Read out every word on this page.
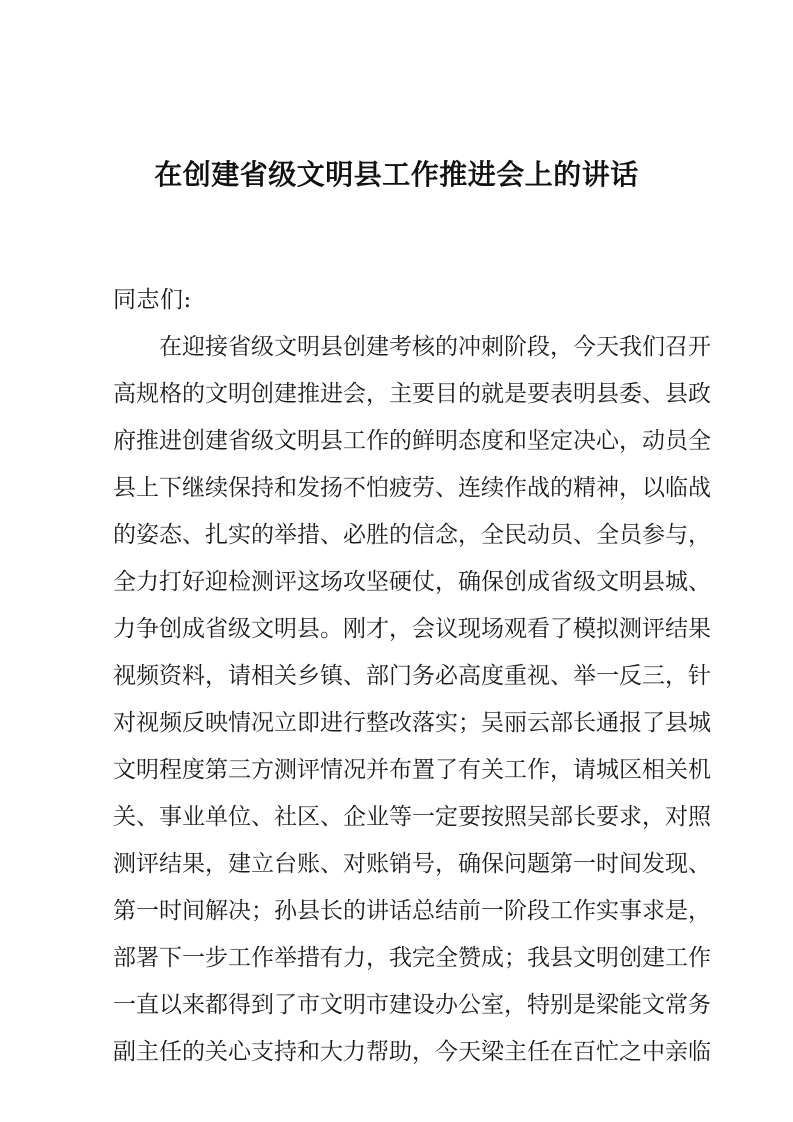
在创建省级文明县工作推进会上的讲话

同志们:

在 迎 接 省 级 文 明 县 创 建 考 核 的 冲 刺 阶 段 ， 今 天 我 们 召 开
高 规 格 的 文 明 创 建 推 进 会 ， 主 要 目 的 就 是 要 表 明 县 委 、 县 政
府 推 进 创 建 省 级 文 明 县 工 作 的 鲜 明 态 度 和 坚 定 决 心 ， 动 员 全
县 上 下 继 续 保 持 和 发 扬 不 怕 疲 劳 、 连 续 作 战 的 精 神 ， 以 临 战
的 姿 态 、 扎 实 的 举 措 、 必 胜 的 信 念 ， 全 民 动 员 、 全 员 参 与 ，
全 力 打 好 迎 检 测 评 这 场 攻 坚 硬 仗 ， 确 保 创 成 省 级 文 明 县 城 、
力 争 创 成 省 级 文 明 县 。 刚 才 ， 会 议 现 场 观 看 了 模 拟 测 评 结 果
视 频 资 料 ， 请 相 关 乡 镇 、 部 门 务 必 高 度 重 视 、 举 一 反 三 ， 针
对 视 频 反 映 情 况 立 即 进 行 整 改 落 实 ； 吴 丽 云 部 长 通 报 了 县 城
文 明 程 度 第 三 方 测 评 情 况 并 布 置 了 有 关 工 作 ， 请 城 区 相 关 机
关 、 事 业 单 位 、 社 区 、 企 业 等 一 定 要 按 照 吴 部 长 要 求 ， 对 照
测 评 结 果 ， 建 立 台 账 、 对 账 销 号 ， 确 保 问 题 第 一 时 间 发 现 、
第 一 时 间 解 决 ； 孙 县 长 的 讲 话 总 结 前 一 阶 段 工 作 实 事 求 是 ，
部 署 下 一 步 工 作 举 措 有 力 ， 我 完 全 赞 成 ； 我 县 文 明 创 建 工 作
一 直 以 来 都 得 到 了 市 文 明 市 建 设 办 公 室 ， 特 别 是 梁 能 文 常 务
副 主 任 的 关 心 支 持 和 大 力 帮 助 ， 今 天 梁 主 任 在 百 忙 之 中 亲 临
